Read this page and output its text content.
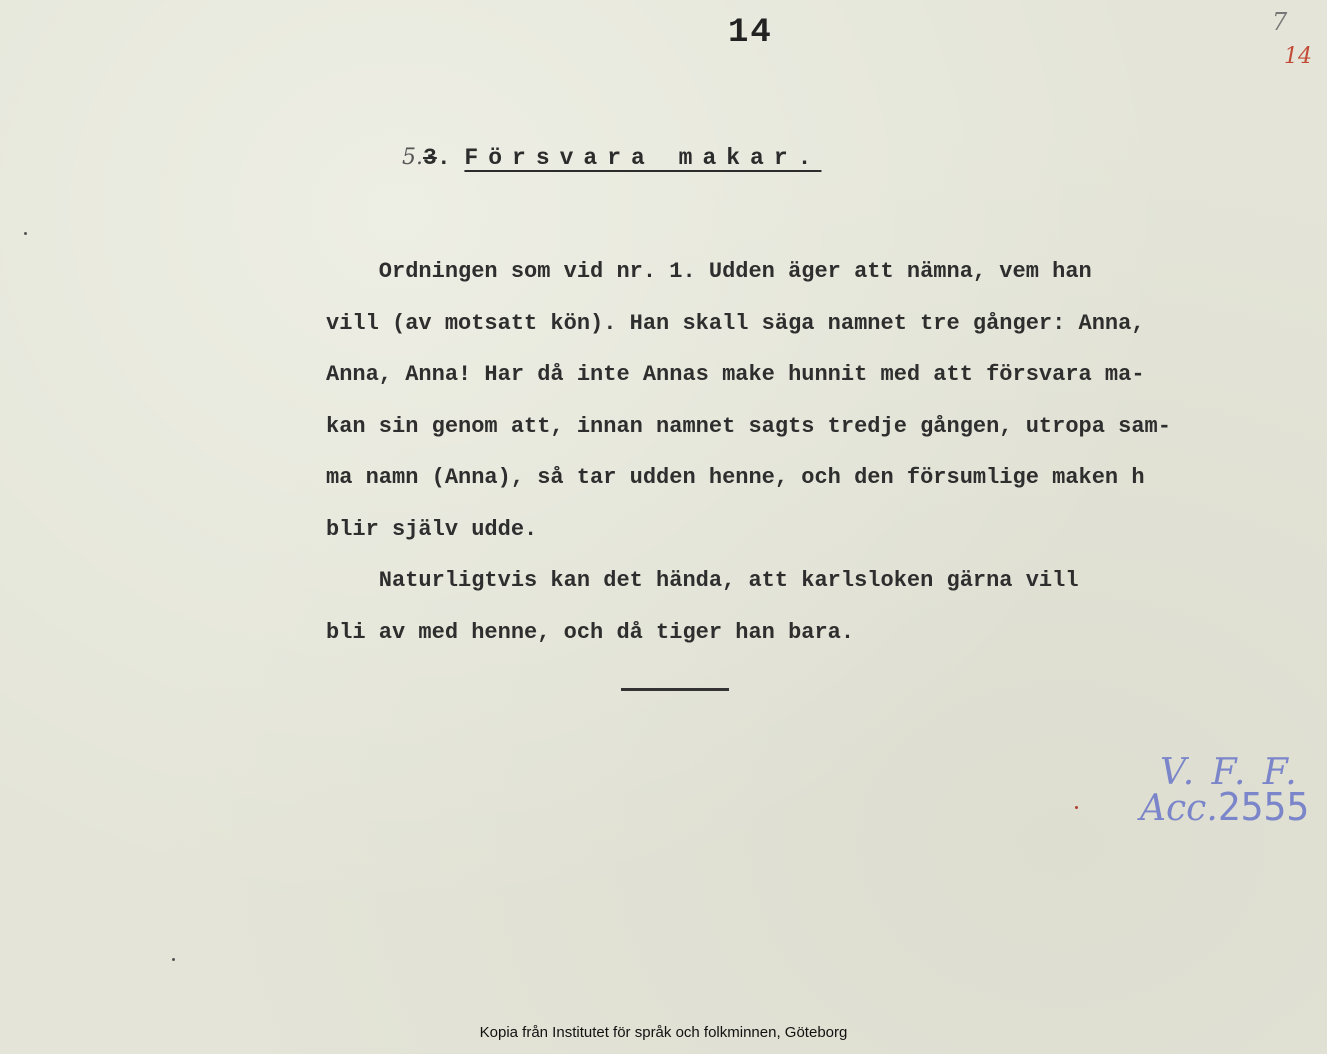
14	7
14
5.3. Försvara makar.
Ordningen som vid nr. 1. Udden äger att nämna, vem han
vill (av motsatt kön). Han skall säga namnet tre gånger: Anna,
Anna, Anna! Har då inte Annas make hunnit med att försvara ma-
kan sin genom att, innan namnet sagts tredje gången, utropa sam-
ma namn (Anna), så tar udden henne, och den försumlige maken h
blir själv udde.
Naturligtvis kan det hända, att karlsloken gärna vill
bli av med henne, och då tiger han bara.
V. F. F.
Acc.2555
Kopia från Institutet för språk och folkminnen, Göteborg
